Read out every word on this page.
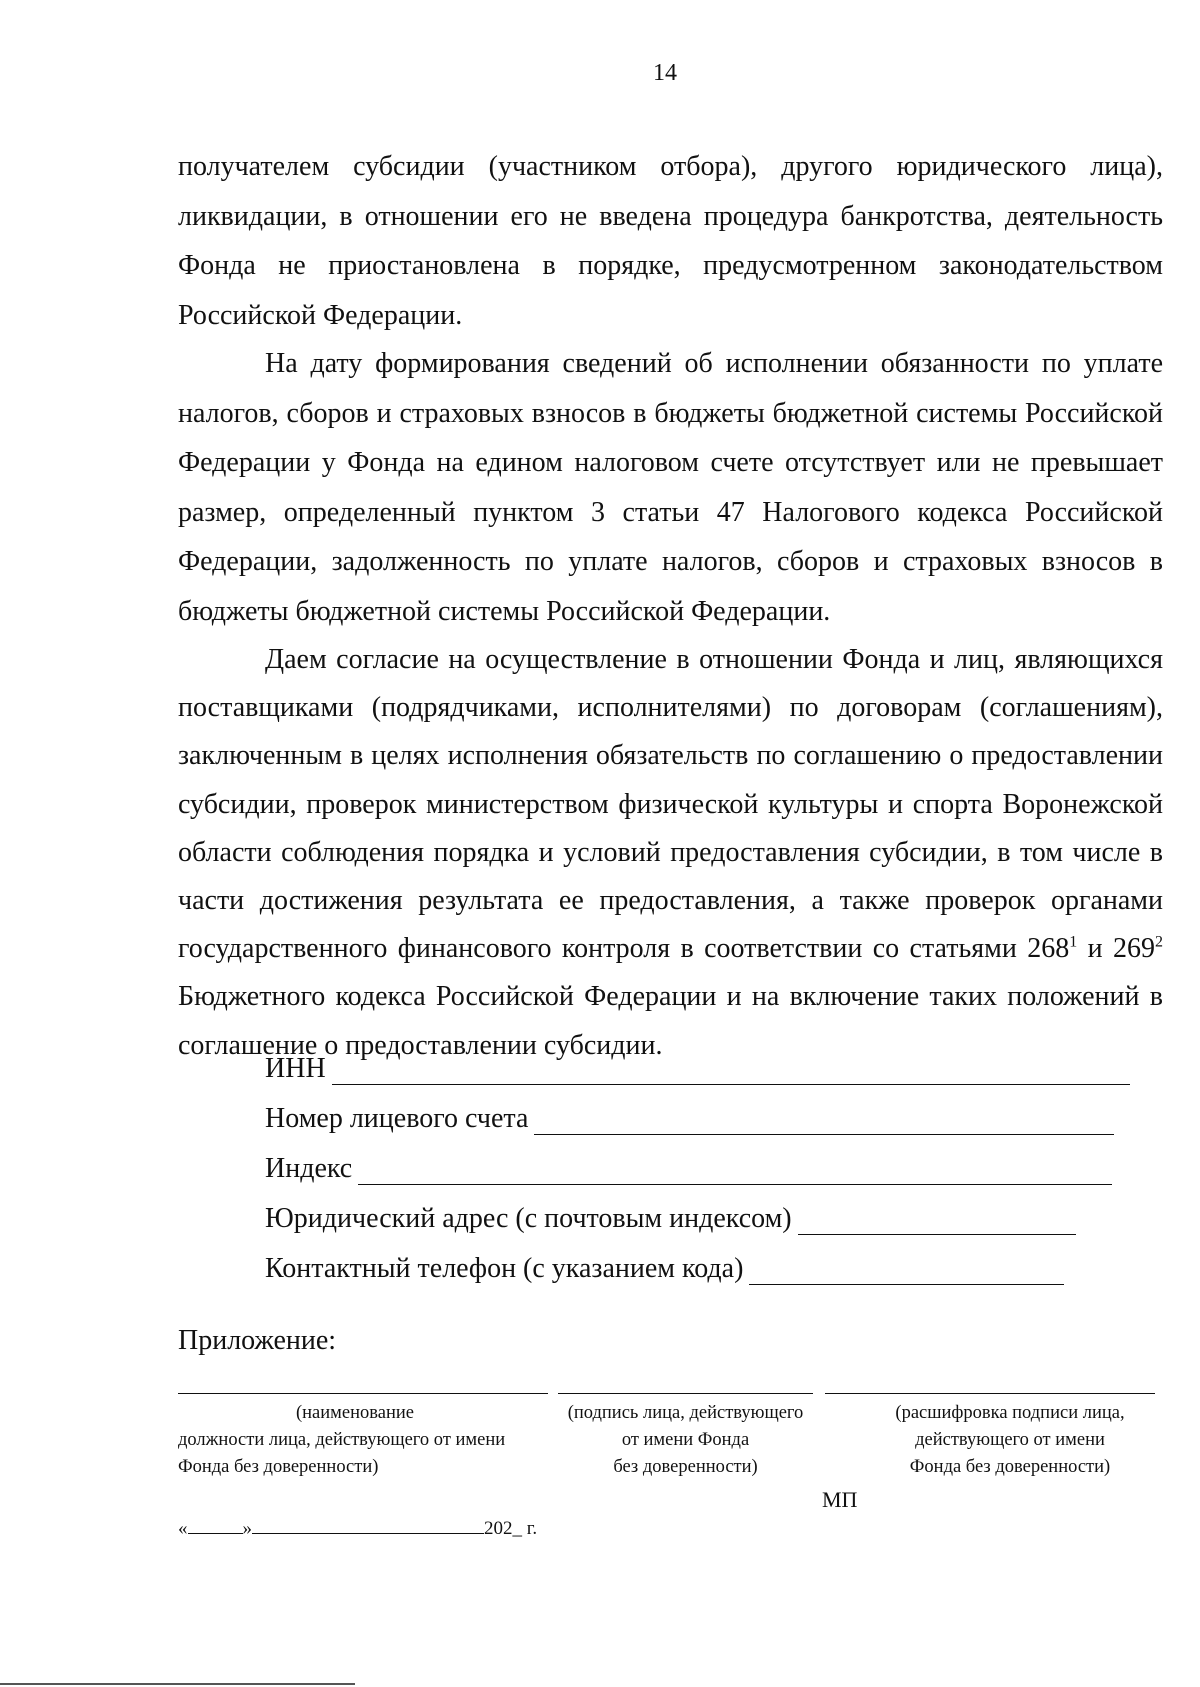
14

получателем субсидии (участником отбора), другого юридического лица), ликвидации, в отношении его не введена процедура банкротства, деятельность Фонда не приостановлена в порядке, предусмотренном законодательством Российской Федерации.

На дату формирования сведений об исполнении обязанности по уплате налогов, сборов и страховых взносов в бюджеты бюджетной системы Российской Федерации у Фонда на едином налоговом счете отсутствует или не превышает размер, определенный пунктом 3 статьи 47 Налогового кодекса Российской Федерации, задолженность по уплате налогов, сборов и страховых взносов в бюджеты бюджетной системы Российской Федерации.

Даем согласие на осуществление в отношении Фонда и лиц, являющихся поставщиками (подрядчиками, исполнителями) по договорам (соглашениям), заключенным в целях исполнения обязательств по соглашению о предоставлении субсидии, проверок министерством физической культуры и спорта Воронежской области соблюдения порядка и условий предоставления субсидии, в том числе в части достижения результата ее предоставления, а также проверок органами государственного финансового контроля в соответствии со статьями $268^1$ и $269^2$ Бюджетного кодекса Российской Федерации и на включение таких положений в соглашение о предоставлении субсидии.

ИНН
Номер лицевого счета
Индекс
Юридический адрес (с почтовым индексом)
Контактный телефон (с указанием кода)
Приложение:
(наименование
должности лица, действующего от имени
Фонда без доверенности)
(подпись лица, действующего
от имени Фонда
без доверенности)
(расшифровка подписи лица,
действующего от имени
Фонда без доверенности)
МП
«	»	202_ г.
